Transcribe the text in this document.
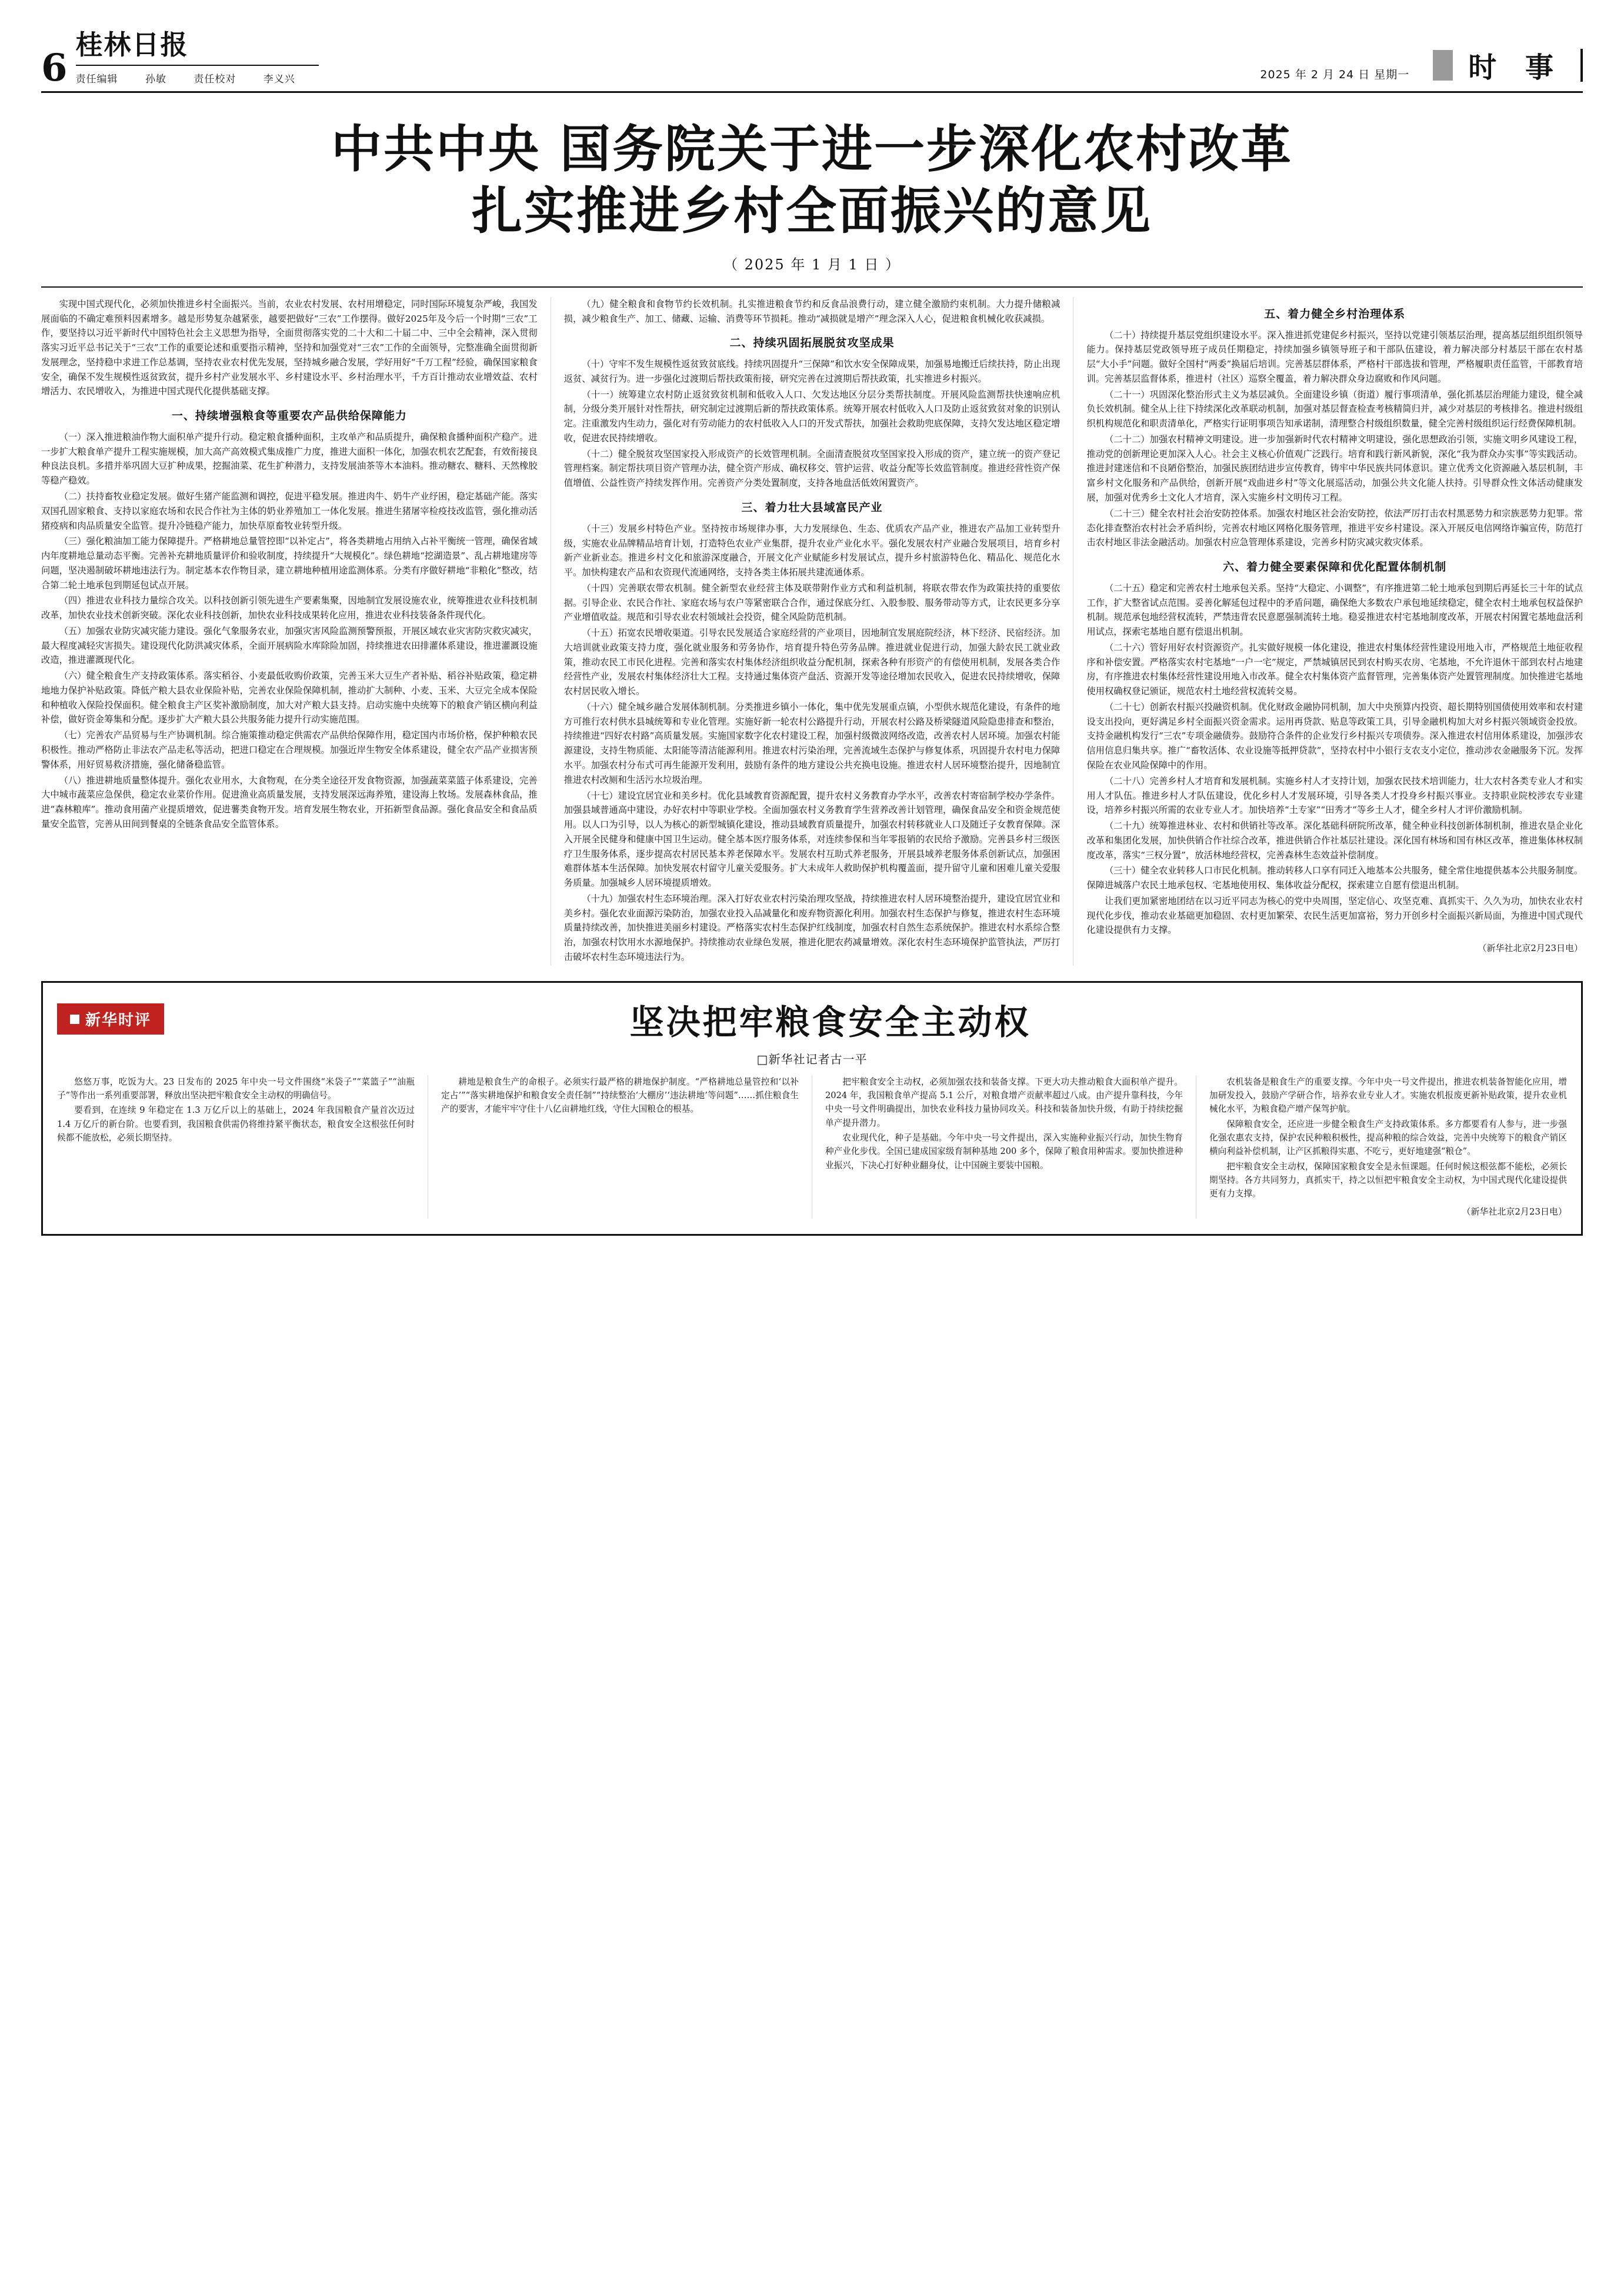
6
桂林日报
责任编辑	孙敏	责任校对	李义兴	2025 年 2 月 24 日 星期一	时 事
中共中央 国务院关于进一步深化农村改革
扎实推进乡村全面振兴的意见
（ 2025 年 1 月 1 日 ）

实现中国式现代化，必须加快推进乡村全面振兴。当前，农业农村发展、农村用增稳定，同时国际环境复杂严峻，我国发展面临的不确定难预料因素增多。越是形势复杂越紧张，越要把做好“三农”工作摆得。做好2025年及今后一个时期“三农”工作，要坚持以习近平新时代中国特色社会主义思想为指导，全面贯彻落实党的二十大和二十届二中、三中全会精神，深入贯彻落实习近平总书记关于“三农”工作的重要论述和重要指示精神，坚持和加强党对“三农”工作的全面领导，完整准确全面贯彻新发展理念，坚持稳中求进工作总基调，坚持农业农村优先发展，坚持城乡融合发展，学好用好“千万工程”经验，确保国家粮食安全，确保不发生规模性返贫致贫，提升乡村产业发展水平、乡村建设水平、乡村治理水平，千方百计推动农业增效益、农村增活力、农民增收入，为推进中国式现代化提供基础支撑。

一、持续增强粮食等重要农产品供给保障能力

（一）深入推进粮油作物大面积单产提升行动。稳定粮食播种面积，主攻单产和品质提升，确保粮食播种面积产稳产。进一步扩大粮食单产提升工程实施规模，加大高产高效模式集成推广力度，推进大面积一体化，加强农机农艺配套，有效衔接良种良法良机。多措并举巩固大豆扩种成果，挖掘油菜、花生扩种潜力，支持发展油茶等木本油料。推动糖农、糖料、天然橡胶等稳产稳效。

（二）扶持畜牧业稳定发展。做好生猪产能监测和调控，促进平稳发展。推进肉牛、奶牛产业纾困，稳定基础产能。落实双国孔固家粮食、支持以家庭农场和农民合作社为主体的奶业养殖加工一体化发展。推进生猪屠宰检疫技改监管，强化推动活猪疫病和肉品质量安全监管。提升冷链稳产能力，加快草原畜牧业转型升级。

（三）强化粮油加工能力保障提升。严格耕地总量管控即“以补定占”，将各类耕地占用纳入占补平衡统一管理，确保省域内年度耕地总量动态平衡。完善补充耕地质量评价和验收制度，持续提升“大规模化”。绿色耕地“挖湖造景”、乱占耕地建房等问题，坚决遏制破坏耕地违法行为。制定基本农作物目录，建立耕地种植用途监测体系。分类有序做好耕地“非粮化”整改，结合第二轮土地承包到期延包试点开展。

（四）推进农业科技力量综合攻关。以科技创新引领先进生产要素集聚，因地制宜发展设施农业，统筹推进农业科技机制改革，加快农业技术创新突破。深化农业科技创新，加快农业科技成果转化应用，推进农业科技装备条件现代化。

（五）加强农业防灾减灾能力建设。强化气象服务农业，加强灾害风险监测预警预报，开展区域农业灾害防灾救灾减灾，最大程度减轻灾害损失。建设现代化防洪减灾体系，全面开展病险水库除险加固，持续推进农田排灌体系建设，推进灌溉设施改造，推进灌溉现代化。

（六）健全粮食生产支持政策体系。落实稻谷、小麦最低收购价政策，完善玉米大豆生产者补贴、稻谷补贴政策，稳定耕地地力保护补贴政策。降低产粮大县农业保险补贴，完善农业保险保障机制，推动扩大制种、小麦、玉米、大豆完全成本保险和种植收入保险投保面积。健全粮食主产区奖补激励制度，加大对产粮大县支持。启动实施中央统筹下的粮食产销区横向利益补偿，做好资金筹集和分配。逐步扩大产粮大县公共服务能力提升行动实施范围。

（七）完善农产品贸易与生产协调机制。综合施策推动稳定供需农产品供给保障作用，稳定国内市场价格，保护种粮农民积极性。推动严格防止非法农产品走私等活动，把进口稳定在合理规模。加强近岸生物安全体系建设，健全农产品产业损害预警体系，用好贸易救济措施，强化储备稳监管。

（八）推进耕地质量整体提升。强化农业用水，大食物观，在分类全途径开发食物资源，加强蔬菜菜篮子体系建设，完善大中城市蔬菜应急保供，稳定农业菜价作用。促进渔业高质量发展，支持发展深远海养殖，建设海上牧场。发展森林食品，推进“森林粮库”。推动食用菌产业提质增效，促进薯类食物开发。培育发展生物农业，开拓新型食品源。强化食品安全和食品质量安全监管，完善从田间到餐桌的全链条食品安全监管体系。

（九）健全粮食和食物节约长效机制。扎实推进粮食节约和反食品浪费行动，建立健全激励约束机制。大力提升储粮减损，减少粮食生产、加工、储藏、运输、消费等环节损耗。推动“减损就是增产”理念深入人心，促进粮食机械化收获减损。

二、持续巩固拓展脱贫攻坚成果

（十）守牢不发生规模性返贫致贫底线。持续巩固提升“三保障”和饮水安全保障成果，加强易地搬迁后续扶持，防止出现返贫、减贫行为。进一步强化过渡期后帮扶政策衔接，研究完善在过渡期后帮扶政策，扎实推进乡村振兴。

（十一）统筹建立农村防止返贫致贫机制和低收入人口、欠发达地区分层分类帮扶制度。开展风险监测帮扶快速响应机制，分级分类开展针对性帮扶，研究制定过渡期后新的帮扶政策体系。统筹开展农村低收入人口及防止返贫致贫对象的识别认定。注重激发内生动力，强化对有劳动能力的农村低收入人口的开发式帮扶，加强社会救助兜底保障，支持欠发达地区稳定增收，促进农民持续增收。

（十二）健全脱贫攻坚国家投入形成资产的长效管理机制。全面清查脱贫攻坚国家投入形成的资产，建立统一的资产登记管理档案。制定帮扶项目资产管理办法，健全资产形成、确权移交、管护运营、收益分配等长效监管制度。推进经营性资产保值增值、公益性资产持续发挥作用。完善资产分类处置制度，支持各地盘活低效闲置资产。

三、着力壮大县域富民产业

（十三）发展乡村特色产业。坚持按市场规律办事，大力发展绿色、生态、优质农产品产业，推进农产品加工业转型升级，实施农业品牌精品培育计划，打造特色农业产业集群，提升农业产业化水平。强化发展农村产业融合发展项目，培育乡村新产业新业态。推进乡村文化和旅游深度融合，开展文化产业赋能乡村发展试点，提升乡村旅游特色化、精品化、规范化水平。加快构建农产品和农资现代流通网络，支持各类主体拓展共建流通体系。

（十四）完善联农带农机制。健全新型农业经营主体及联带附作业方式和利益机制，将联农带农作为政策扶持的重要依据。引导企业、农民合作社、家庭农场与农户等紧密联合合作，通过保底分红、入股参股、服务带动等方式，让农民更多分享产业增值收益。规范和引导农业农村领域社会投资，健全风险防范机制。

（十五）拓宽农民增收渠道。引导农民发展适合家庭经营的产业项目，因地制宜发展庭院经济，林下经济、民宿经济。加大培训就业政策支持力度，强化就业服务和劳务协作，培育提升特色劳务品牌。推进就业促进行动，加强大龄农民工就业政策，推动农民工市民化进程。完善和落实农村集体经济组织收益分配机制，探索各种有形资产的有偿使用机制，发展各类合作经营性产业，发展农村集体经济壮大工程。支持通过集体资产盘活、资源开发等途径增加农民收入，促进农民持续增收，保障农村居民收入增长。

（十六）健全城乡融合发展体制机制。分类推进乡镇小一体化，集中优先发展重点镇，小型供水规范化建设，有条件的地方可推行农村供水县城统筹和专业化管理。实施好新一轮农村公路提升行动，开展农村公路及桥梁隧道风险隐患排查和整治，持续推进“四好农村路”高质量发展。实施国家数字化农村建设工程，加强村级微波网络改造，改善农村人居环境。加强农村能源建设，支持生物质能、太阳能等清洁能源利用。推进农村污染治理，完善流域生态保护与修复体系，巩固提升农村电力保障水平。加强农村分布式可再生能源开发利用，鼓励有条件的地方建设公共充换电设施。推进农村人居环境整治提升，因地制宜推进农村改厕和生活污水垃圾治理。

（十七）建设宜居宜业和美乡村。优化县域教育资源配置，提升农村义务教育办学水平，改善农村寄宿制学校办学条件。加强县域普通高中建设，办好农村中等职业学校。全面加强农村义务教育学生营养改善计划管理，确保食品安全和资金规范使用。以人口为引导，以人为核心的新型城镇化建设，推动县域教育质量提升，加强农村转移就业人口及随迁子女教育保障。深入开展全民健身和健康中国卫生运动。健全基本医疗服务体系，对连续参保和当年零报销的农民给予激励。完善县乡村三级医疗卫生服务体系，逐步提高农村居民基本养老保障水平。发展农村互助式养老服务，开展县域养老服务体系创新试点，加强困难群体基本生活保障。加快发展农村留守儿童关爱服务。扩大未成年人救助保护机构覆盖面，提升留守儿童和困难儿童关爱服务质量。加强城乡人居环境提质增效。

（十九）加强农村生态环境治理。深入打好农业农村污染治理攻坚战，持续推进农村人居环境整治提升，建设宜居宜业和美乡村。强化农业面源污染防治，加强农业投入品减量化和废弃物资源化利用。加强农村生态保护与修复，推进农村生态环境质量持续改善，加快推进美丽乡村建设。严格落实农村生态保护红线制度，加强农村自然生态系统保护。推进农村水系综合整治，加强农村饮用水水源地保护。持续推动农业绿色发展，推进化肥农药减量增效。深化农村生态环境保护监管执法，严厉打击破坏农村生态环境违法行为。

五、着力健全乡村治理体系

（二十）持续提升基层党组织建设水平。深入推进抓党建促乡村振兴，坚持以党建引领基层治理，提高基层组织组织领导能力。保持基层党政领导班子成员任期稳定，持续加强乡镇领导班子和干部队伍建设，着力解决部分村基层干部在农村基层“大小手”问题。做好全国村“两委”换届后培训。完善基层群体系，严格村干部选拔和管理，严格履职责任监管，干部教育培训。完善基层监督体系，推进村（社区）巡察全覆盖，着力解决群众身边腐败和作风问题。

（二十一）巩固深化整治形式主义为基层减负。全面建设乡镇（街道）履行事项清单，强化抓基层治理能力建设，健全减负长效机制。健全从上往下持续深化改革联动机制，加强对基层督查检查考核精简归并，减少对基层的考核排名。推进村级组织机构规范化和职责清单化，严格实行证明事项告知承诺制，清理整合村级组织数量，健全完善村级组织运行经费保障机制。

（二十二）加强农村精神文明建设。进一步加强新时代农村精神文明建设，强化思想政治引领，实施文明乡风建设工程，推动党的创新理论更加深入人心。社会主义核心价值观广泛践行。培育和践行新风新貌，深化“我为群众办实事”等实践活动。推进封建迷信和不良陋俗整治，加强民族团结进步宣传教育，铸牢中华民族共同体意识。建立优秀文化资源融入基层机制，丰富乡村文化服务和产品供给，创新开展“戏曲进乡村”等文化展巡活动，加强公共文化能人扶持。引导群众性文体活动健康发展，加强对优秀乡土文化人才培育，深入实施乡村文明传习工程。

（二十三）健全农村社会治安防控体系。加强农村地区社会治安防控，依法严厉打击农村黑恶势力和宗族恶势力犯罪。常态化排查整治农村社会矛盾纠纷，完善农村地区网格化服务管理，推进平安乡村建设。深入开展反电信网络诈骗宣传，防范打击农村地区非法金融活动。加强农村应急管理体系建设，完善乡村防灾减灾救灾体系。

六、着力健全要素保障和优化配置体制机制

（二十五）稳定和完善农村土地承包关系。坚持“大稳定、小调整”，有序推进第二轮土地承包到期后再延长三十年的试点工作，扩大整省试点范围。妥善化解延包过程中的矛盾问题，确保绝大多数农户承包地延续稳定，健全农村土地承包权益保护机制。规范承包地经营权流转，严禁违背农民意愿强制流转土地。稳妥推进农村宅基地制度改革，开展农村闲置宅基地盘活利用试点，探索宅基地自愿有偿退出机制。

（二十六）管好用好农村资源资产。扎实做好规模一体化建设，推进农村集体经营性建设用地入市，严格规范土地征收程序和补偿安置。严格落实农村宅基地“一户一宅”规定，严禁城镇居民到农村购买农房、宅基地，不允许退休干部到农村占地建房，有序推进农村集体经营性建设用地入市改革。健全农村集体资产监督管理，完善集体资产处置管理制度。加快推进宅基地使用权确权登记颁证，规范农村土地经营权流转交易。

（二十七）创新农村振兴投融资机制。优化财政金融协同机制，加大中央预算内投资、超长期特别国债使用效率和农村建设支出投向，更好满足乡村全面振兴资金需求。运用再贷款、贴息等政策工具，引导金融机构加大对乡村振兴领域资金投放。支持金融机构发行“三农”专项金融债券。鼓励符合条件的企业发行乡村振兴专项债券。深入推进农村信用体系建设，加强涉农信用信息归集共享。推广“畜牧活体、农业设施等抵押贷款”，坚持农村中小银行支农支小定位，推动涉农金融服务下沉。发挥保险在农业风险保障中的作用。

（二十八）完善乡村人才培育和发展机制。实施乡村人才支持计划，加强农民技术培训能力，壮大农村各类专业人才和实用人才队伍。推进乡村人才队伍建设，优化乡村人才发展环境，引导各类人才投身乡村振兴事业。支持职业院校涉农专业建设，培养乡村振兴所需的农业专业人才。加快培养“土专家”“田秀才”等乡土人才，健全乡村人才评价激励机制。

（二十九）统筹推进林业、农村和供销社等改革。深化基础科研院所改革，健全种业科技创新体制机制，推进农垦企业化改革和集团化发展，加快供销合作社综合改革，推进供销合作社基层社建设。深化国有林场和国有林区改革，推进集体林权制度改革，落实“三权分置”，放活林地经营权，完善森林生态效益补偿制度。

（三十）健全农业转移人口市民化机制。推动转移人口享有同迁入地基本公共服务，健全常住地提供基本公共服务制度。保障进城落户农民土地承包权、宅基地使用权、集体收益分配权，探索建立自愿有偿退出机制。

让我们更加紧密地团结在以习近平同志为核心的党中央周围，坚定信心、攻坚克难、真抓实干、久久为功，加快农业农村现代化步伐，推动农业基础更加稳固、农村更加繁荣、农民生活更加富裕，努力开创乡村全面振兴新局面，为推进中国式现代化建设提供有力支撑。

（新华社北京2月23日电）
新华时评	坚决把牢粮食安全主动权
□新华社记者古一平

悠悠万事，吃饭为大。23 日发布的 2025 年中央一号文件围绕“米袋子”“菜篮子”“油瓶子”等作出一系列重要部署，释放出坚决把牢粮食安全主动权的明确信号。

要看到，在连续 9 年稳定在 1.3 万亿斤以上的基础上，2024 年我国粮食产量首次迈过 1.4 万亿斤的新台阶。也要看到，我国粮食供需仍将维持紧平衡状态，粮食安全这根弦任何时候都不能放松，必须长期坚持。

耕地是粮食生产的命根子。必须实行最严格的耕地保护制度。“严格耕地总量管控和‘以补定占’”“落实耕地保护和粮食安全责任制”“持续整治‘大棚房’‘违法耕地’等问题”……抓住粮食生产的要害，才能牢牢守住十八亿亩耕地红线，守住大国粮仓的根基。

把牢粮食安全主动权，必须加强农技和装备支撑。下更大功夫推动粮食大面积单产提升。2024 年，我国粮食单产提高 5.1 公斤，对粮食增产贡献率超过八成。由产提升靠科技，今年中央一号文件明确提出，加快农业科技力量协同攻关。科技和装备加快升级，有助于持续挖掘单产提升潜力。

农业现代化，种子是基础。今年中央一号文件提出，深入实施种业振兴行动，加快生物育种产业化步伐。全国已建成国家级育制种基地 200 多个，保障了粮食用种需求。要加快推进种业振兴，下决心打好种业翻身仗，让中国碗主要装中国粮。

农机装备是粮食生产的重要支撑。今年中央一号文件提出，推进农机装备智能化应用，增加研发投入，鼓励产学研合作，培养农业专业人才。实施农机报废更新补贴政策，提升农业机械化水平，为粮食稳产增产保驾护航。

保障粮食安全，还应进一步健全粮食生产支持政策体系。多方都要看有人参与，进一步强化强农惠农支持，保护农民种粮积极性，提高种粮的综合效益，完善中央统筹下的粮食产销区横向利益补偿机制，让产区抓粮得实惠、不吃亏，更好地建强“粮仓”。

把牢粮食安全主动权，保障国家粮食安全是永恒课题。任何时候这根弦都不能松，必须长期坚持。各方共同努力，真抓实干，持之以恒把牢粮食安全主动权，为中国式现代化建设提供更有力支撑。

（新华社北京2月23日电）
